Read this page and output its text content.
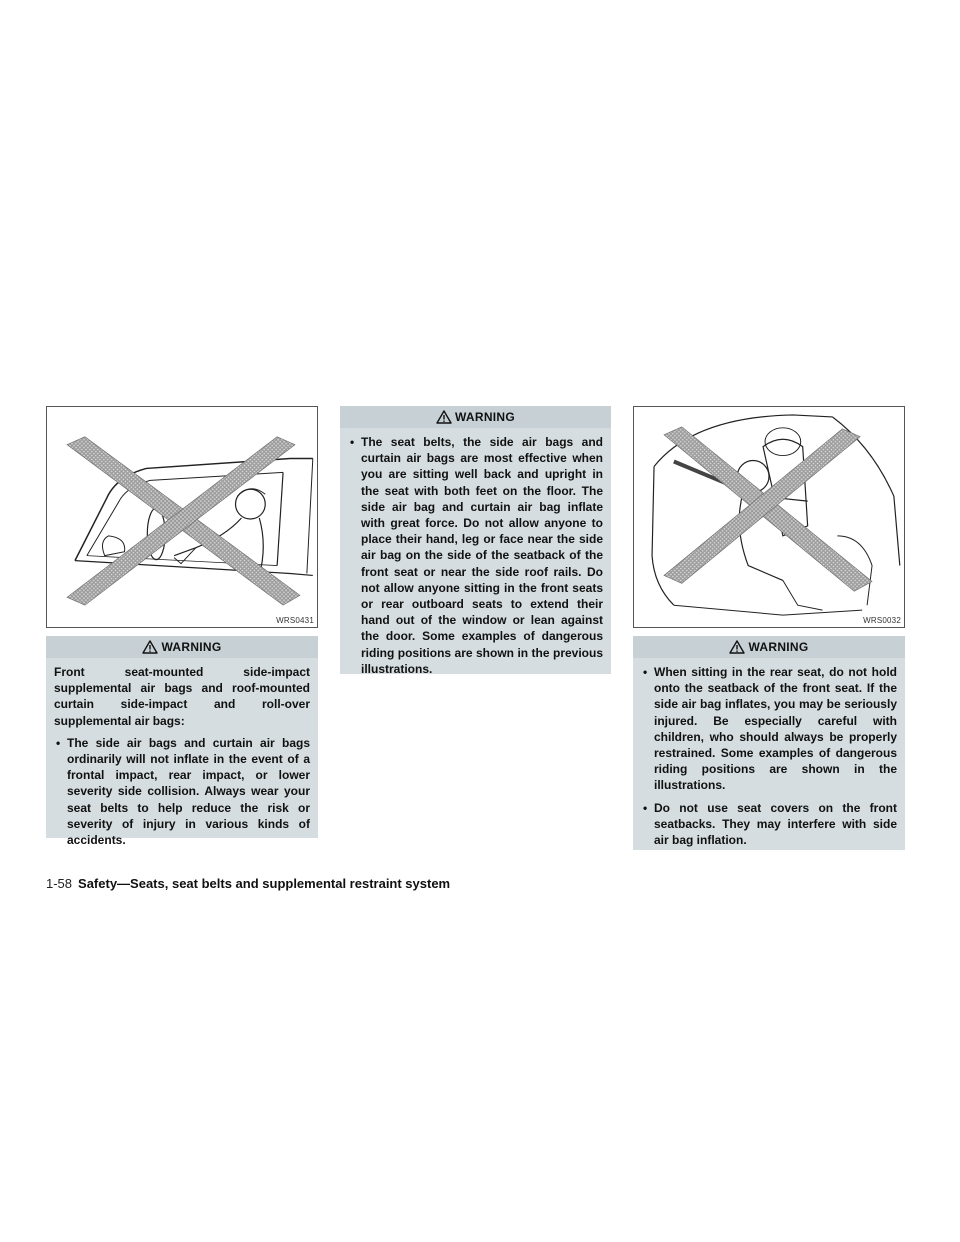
WRS0431
WARNING

Front seat-mounted side-impact supplemental air bags and roof-mounted curtain side-impact and roll-over supplemental air bags:

• The side air bags and curtain air bags ordinarily will not inflate in the event of a frontal impact, rear impact, or lower severity side collision. Always wear your seat belts to help reduce the risk or severity of injury in various kinds of accidents.
WARNING
• The seat belts, the side air bags and curtain air bags are most effective when you are sitting well back and upright in the seat with both feet on the floor. The side air bag and curtain air bag inflate with great force. Do not allow anyone to place their hand, leg or face near the side air bag on the side of the seatback of the front seat or near the side roof rails. Do not allow anyone sitting in the front seats or rear outboard seats to extend their hand out of the window or lean against the door. Some examples of dangerous riding positions are shown in the previous illustrations.
WRS0032
WARNING
• When sitting in the rear seat, do not hold onto the seatback of the front seat. If the side air bag inflates, you may be seriously injured. Be especially careful with children, who should always be properly restrained. Some examples of dangerous riding positions are shown in the illustrations.
• Do not use seat covers on the front seatbacks. They may interfere with side air bag inflation.
1-58 Safety—Seats, seat belts and supplemental restraint system
